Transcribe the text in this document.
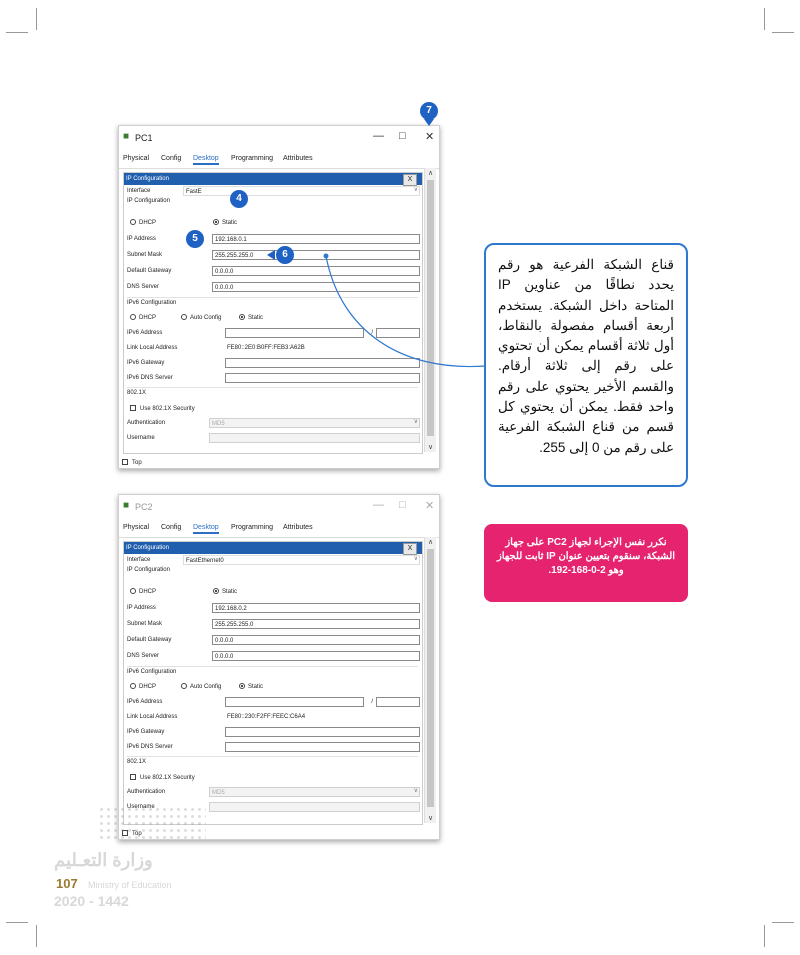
■ PC1	— □ ✕
Physical Config Desktop Programming Attributes
IP Configuration	X
Interface	FastE	∨
IP Configuration
DHCP	Static
IP Address	192.168.0.1
Subnet Mask	255.255.255.0
Default Gateway	0.0.0.0
DNS Server	0.0.0.0
IPv6 Configuration
DHCP	Auto Config	Static
IPv6 Address	/
Link Local Address	FE80::2E0:B0FF:FEB3:A62B
IPv6 Gateway
IPv6 DNS Server
802.1X
Use 802.1X Security
Authentication	MD5	∨
Username
∧
∨
Top
■ PC2	— □ ✕
Physical Config Desktop Programming Attributes
IP Configuration	X
Interface	FastEthernet0	∨
IP Configuration
DHCP	Static
IP Address	192.168.0.2
Subnet Mask	255.255.255.0
Default Gateway	0.0.0.0
DNS Server	0.0.0.0
IPv6 Configuration
DHCP	Auto Config	Static
IPv6 Address	/
Link Local Address	FE80::230:F2FF:FEEC:C6A4
IPv6 Gateway
IPv6 DNS Server
802.1X
Use 802.1X Security
Authentication	MD5	∨
Username
∧
∨
Top
7
4
5
6
قناع الشبكة الفرعية هو رقم يحدد نطاقًا من عناوين IP المتاحة داخل الشبكة. يستخدم أربعة أقسام مفصولة بالنقاط، أول ثلاثة أقسام يمكن أن تحتوي على رقم إلى ثلاثة أرقام. والقسم الأخير يحتوي على رقم واحد فقط. يمكن أن يحتوي كل قسم من قناع الشبكة الفرعية على رقم من 0 إلى 255.
نكرر نفس الإجراء لجهاز PC2 على جهاز الشبكة، سنقوم بتعيين عنوان IP ثابت للجهاز وهو 2-0-168-192.
وزارة التعـليم
107 Ministry of Education
2020 - 1442
